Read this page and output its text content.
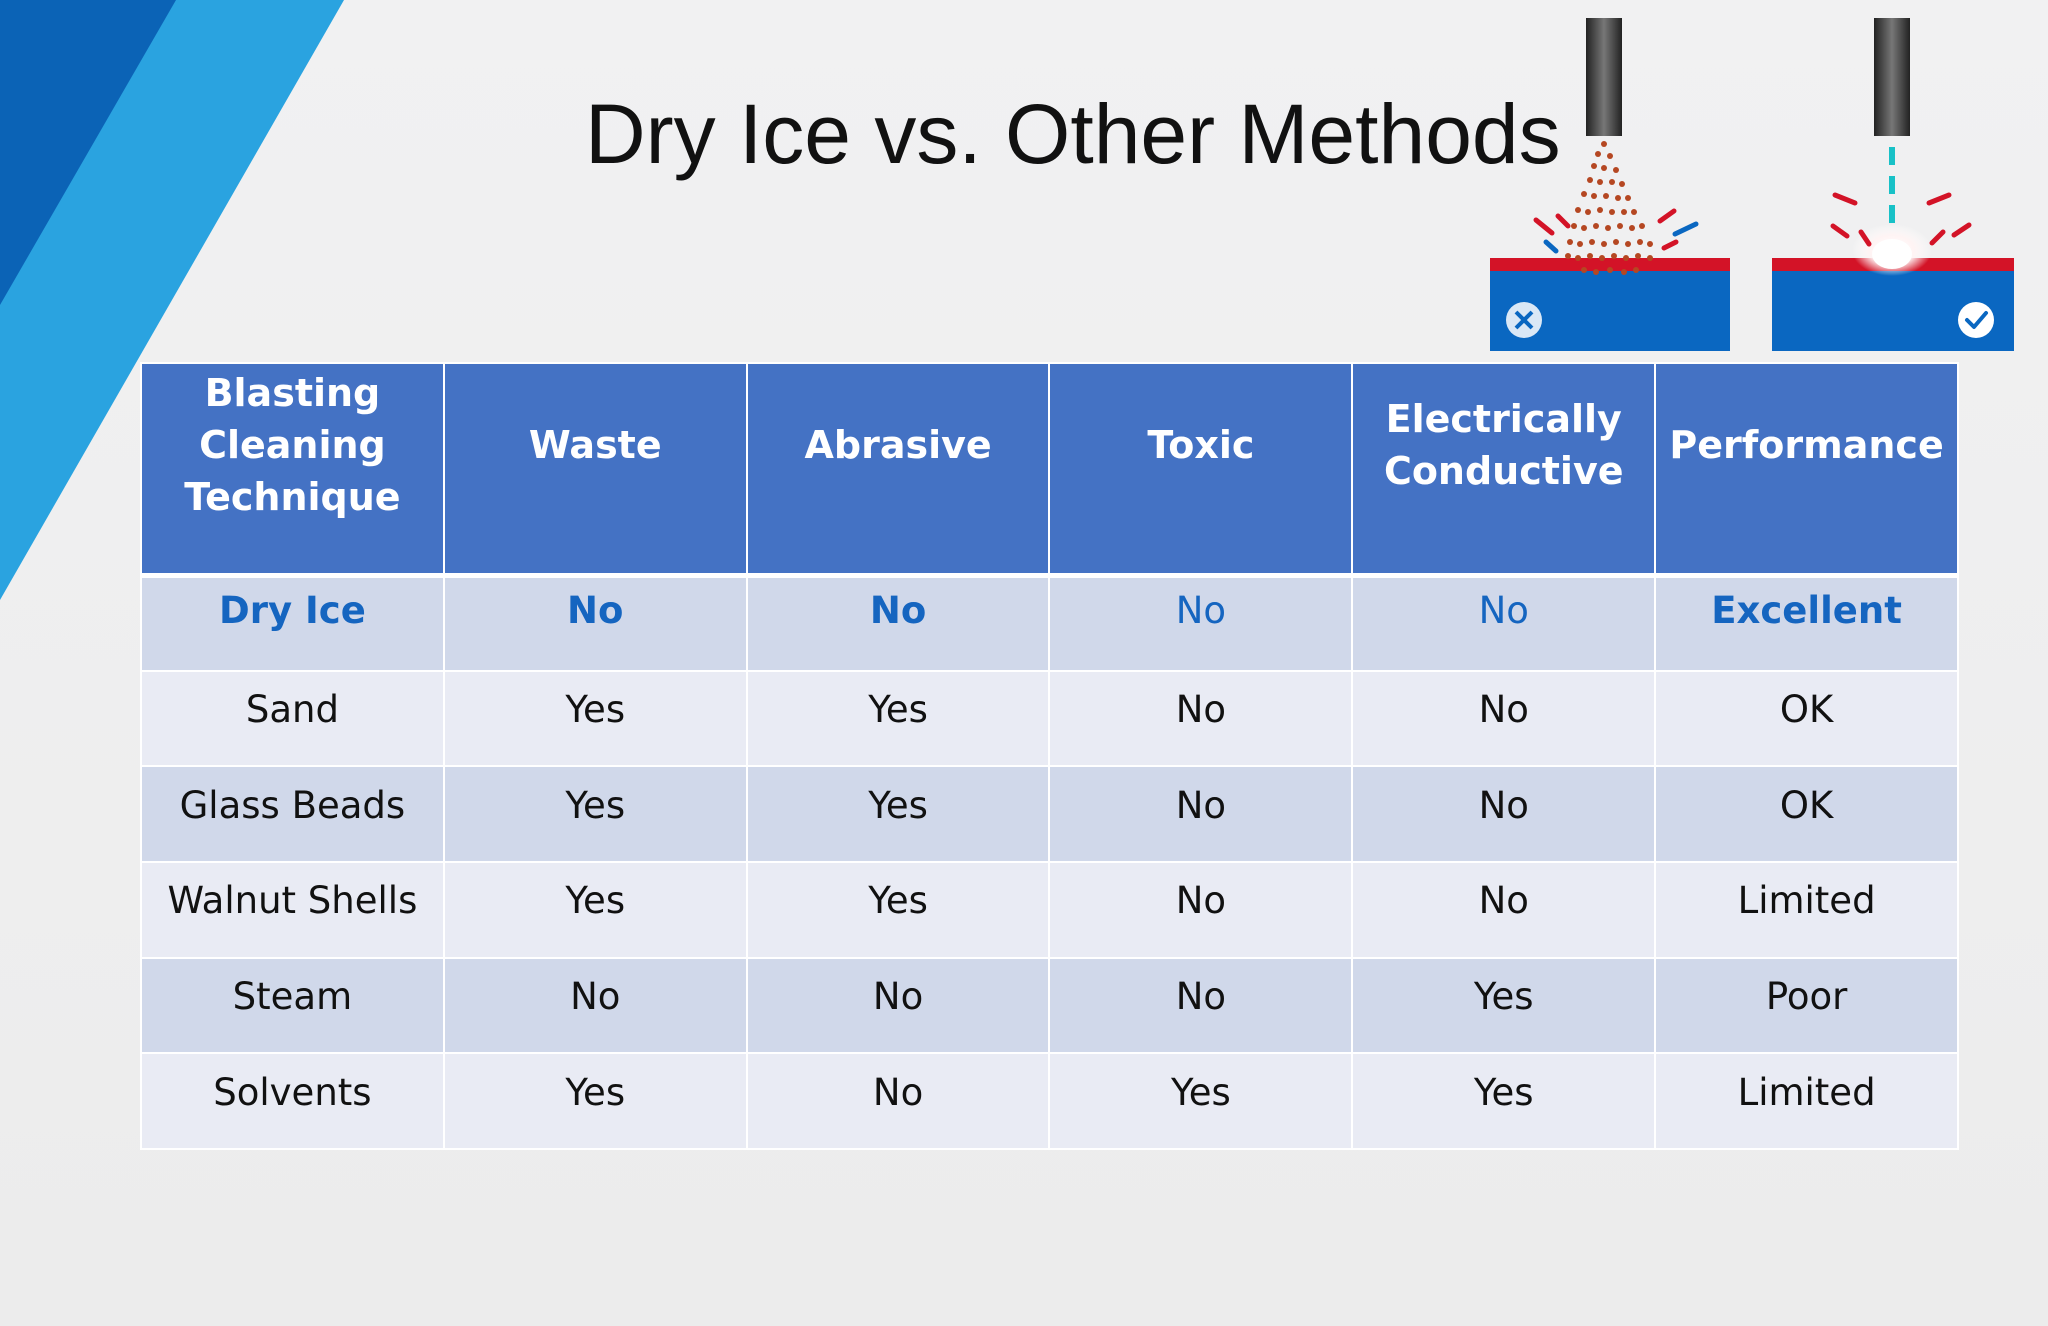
Dry Ice vs. Other Methods
Blasting Cleaning Technique	Waste	Abrasive	Toxic	Electrically Conductive	Performance
Dry Ice	No	No	No	No	Excellent
Sand	Yes	Yes	No	No	OK
Glass Beads	Yes	Yes	No	No	OK
Walnut Shells	Yes	Yes	No	No	Limited
Steam	No	No	No	Yes	Poor
Solvents	Yes	No	Yes	Yes	Limited
